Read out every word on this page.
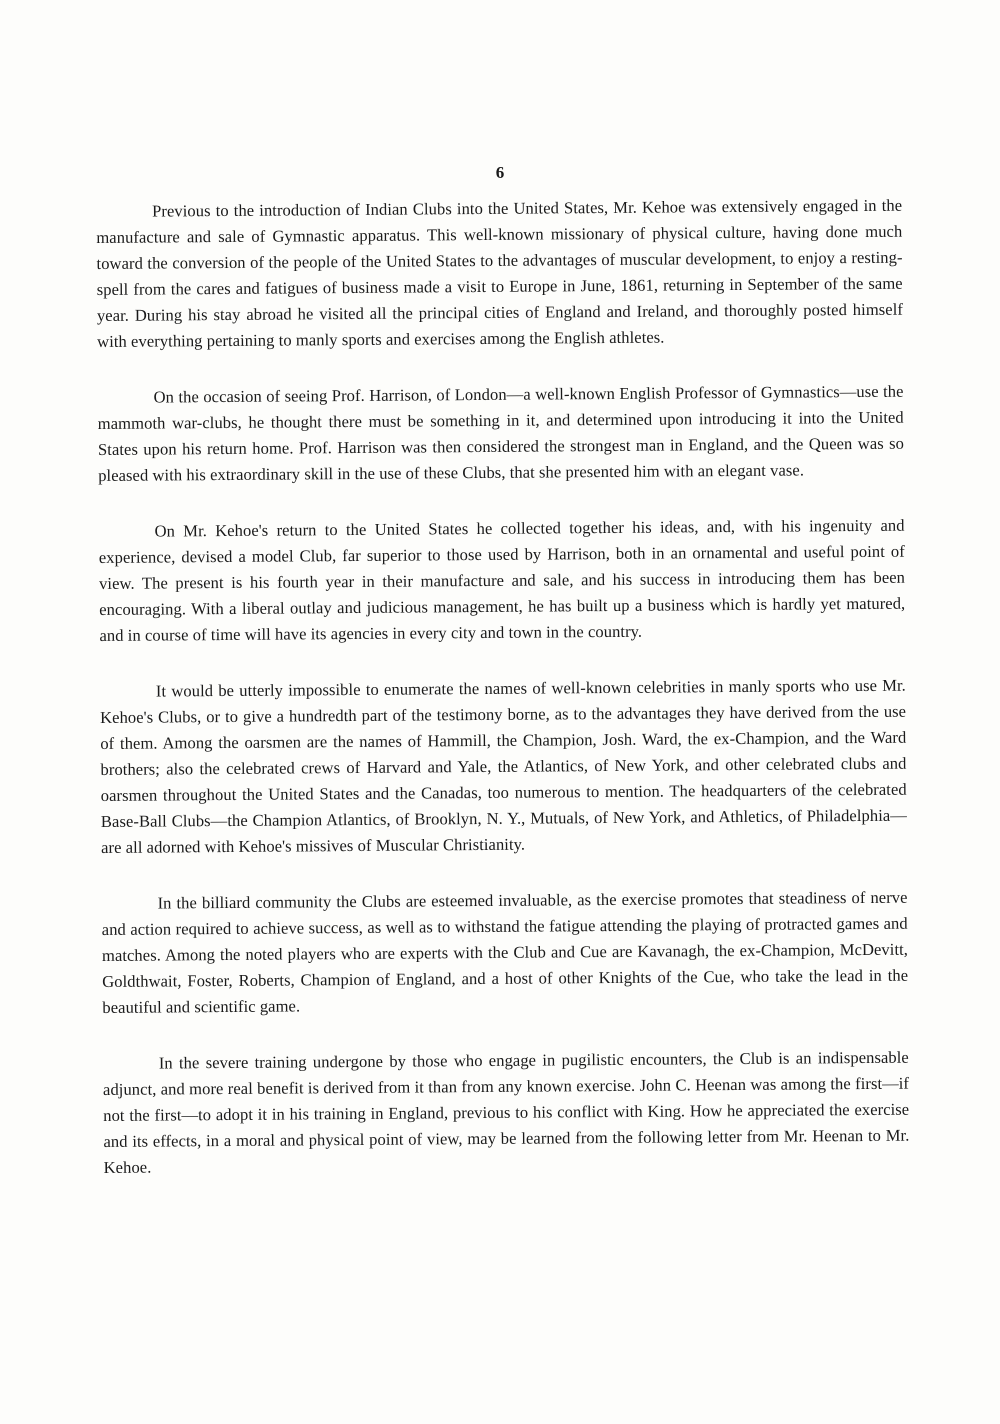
6

Previous to the introduction of Indian Clubs into the United States, Mr. Kehoe was extensively engaged in the manufacture and sale of Gymnastic apparatus. This well-known missionary of physical culture, having done much toward the conversion of the people of the United States to the advantages of muscular development, to enjoy a resting-spell from the cares and fatigues of business made a visit to Europe in June, 1861, returning in September of the same year. During his stay abroad he visited all the principal cities of England and Ireland, and thoroughly posted himself with everything pertaining to manly sports and exercises among the English athletes.

On the occasion of seeing Prof. Harrison, of London—a well-known English Professor of Gymnastics—use the mammoth war-clubs, he thought there must be something in it, and determined upon introducing it into the United States upon his return home. Prof. Harrison was then considered the strongest man in England, and the Queen was so pleased with his extraordinary skill in the use of these Clubs, that she presented him with an elegant vase.

On Mr. Kehoe's return to the United States he collected together his ideas, and, with his ingenuity and experience, devised a model Club, far superior to those used by Harrison, both in an ornamental and useful point of view. The present is his fourth year in their manufacture and sale, and his success in introducing them has been encouraging. With a liberal outlay and judicious management, he has built up a business which is hardly yet matured, and in course of time will have its agencies in every city and town in the country.

It would be utterly impossible to enumerate the names of well-known celebrities in manly sports who use Mr. Kehoe's Clubs, or to give a hundredth part of the testimony borne, as to the advantages they have derived from the use of them. Among the oarsmen are the names of Hammill, the Champion, Josh. Ward, the ex-Champion, and the Ward brothers; also the celebrated crews of Harvard and Yale, the Atlantics, of New York, and other celebrated clubs and oarsmen throughout the United States and the Canadas, too numerous to mention. The headquarters of the celebrated Base-Ball Clubs—the Champion Atlantics, of Brooklyn, N. Y., Mutuals, of New York, and Athletics, of Philadelphia—are all adorned with Kehoe's missives of Muscular Christianity.

In the billiard community the Clubs are esteemed invaluable, as the exercise promotes that steadiness of nerve and action required to achieve success, as well as to withstand the fatigue attending the playing of protracted games and matches. Among the noted players who are experts with the Club and Cue are Kavanagh, the ex-Champion, McDevitt, Goldthwait, Foster, Roberts, Champion of England, and a host of other Knights of the Cue, who take the lead in the beautiful and scientific game.

In the severe training undergone by those who engage in pugilistic encounters, the Club is an indispensable adjunct, and more real benefit is derived from it than from any known exercise. John C. Heenan was among the first—if not the first—to adopt it in his training in England, previous to his conflict with King. How he appreciated the exercise and its effects, in a moral and physical point of view, may be learned from the following letter from Mr. Heenan to Mr. Kehoe.
